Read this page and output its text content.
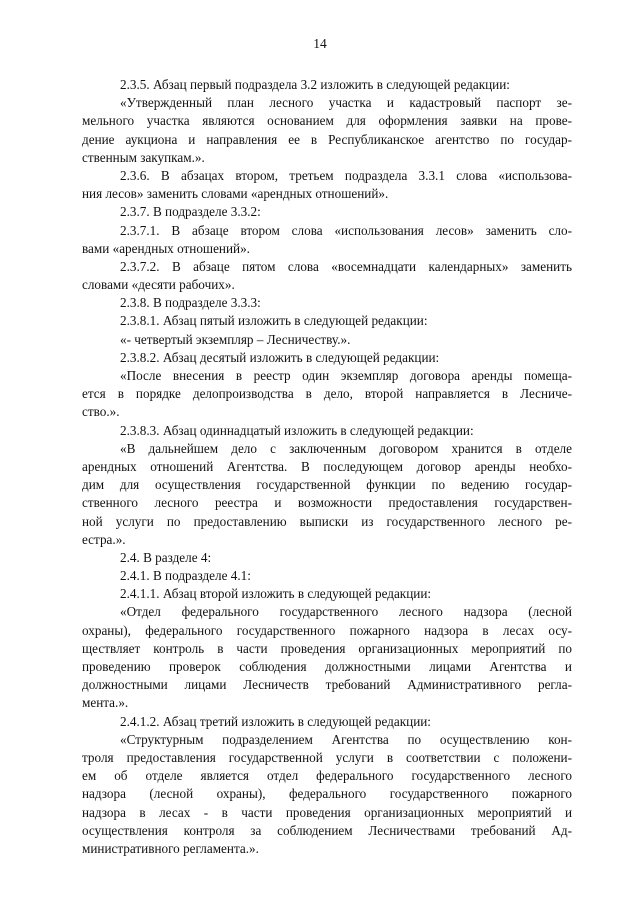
14
2.3.5. Абзац первый подраздела 3.2 изложить в следующей редакции:
«Утвержденный план лесного участка и кадастровый паспорт зе-
мельного участка являются основанием для оформления заявки на прове-
дение аукциона и направления ее в Республиканское агентство по государ-
ственным закупкам.».
2.3.6. В абзацах втором, третьем подраздела 3.3.1 слова «использова-
ния лесов» заменить словами «арендных отношений».
2.3.7. В подразделе 3.3.2:
2.3.7.1. В абзаце втором слова «использования лесов» заменить сло-
вами «арендных отношений».
2.3.7.2. В абзаце пятом слова «восемнадцати календарных» заменить
словами «десяти рабочих».
2.3.8. В подразделе 3.3.3:
2.3.8.1. Абзац пятый изложить в следующей редакции:
«- четвертый экземпляр – Лесничеству.».
2.3.8.2. Абзац десятый изложить в следующей редакции:
«После внесения в реестр один экземпляр договора аренды помеща-
ется в порядке делопроизводства в дело, второй направляется в Лесниче-
ство.».
2.3.8.3. Абзац одиннадцатый изложить в следующей редакции:
«В дальнейшем дело с заключенным договором хранится в отделе
арендных отношений Агентства. В последующем договор аренды необхо-
дим для осуществления государственной функции по ведению государ-
ственного лесного реестра и возможности предоставления государствен-
ной услуги по предоставлению выписки из государственного лесного ре-
естра.».
2.4. В разделе 4:
2.4.1. В подразделе 4.1:
2.4.1.1. Абзац второй изложить в следующей редакции:
«Отдел федерального государственного лесного надзора (лесной
охраны), федерального государственного пожарного надзора в лесах осу-
ществляет контроль в части проведения организационных мероприятий по
проведению проверок соблюдения должностными лицами Агентства и
должностными лицами Лесничеств требований Административного регла-
мента.».
2.4.1.2. Абзац третий изложить в следующей редакции:
«Структурным подразделением Агентства по осуществлению кон-
троля предоставления государственной услуги в соответствии с положени-
ем об отделе является отдел федерального государственного лесного
надзора (лесной охраны), федерального государственного пожарного
надзора в лесах - в части проведения организационных мероприятий и
осуществления контроля за соблюдением Лесничествами требований Ад-
министративного регламента.».
